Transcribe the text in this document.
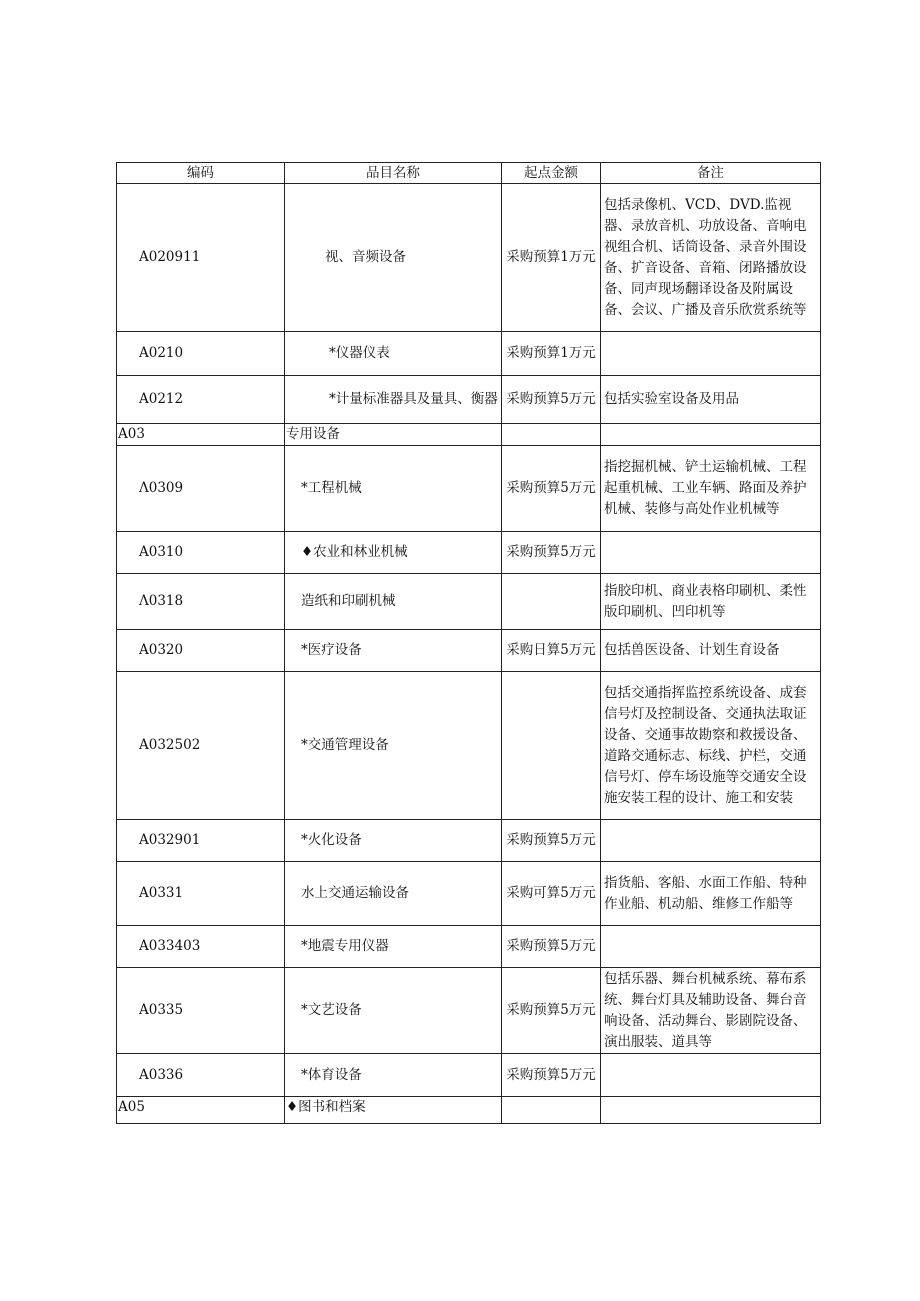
编码	品目名称	起点金额	备注
A020911	视、音频设备	采购预算1万元	包括录像机、VCD、DVD.监视器、录放音机、功放设备、音响电视组合机、话筒设备、录音外围设备、扩音设备、音箱、闭路播放设备、同声现场翻译设备及附属设备、会议、广播及音乐欣赏系统等
A0210	*仪器仪表	采购预算1万元	
A0212	*计量标准器具及量具、衡器	采购预算5万元	包括实验室设备及用品
A03	专用设备		
Λ0309	*工程机械	采购预算5万元	指挖掘机械、铲土运输机械、工程起重机械、工业车辆、路面及养护机械、装修与高处作业机械等
A0310	♦农业和林业机械	采购预算5万元	
Λ0318	造纸和印刷机械		指胶印机、商业表格印刷机、柔性版印刷机、凹印机等
A0320	*医疗设备	采购日算5万元	包括兽医设备、计划生育设备
A032502	*交通管理设备		包括交通指挥监控系统设备、成套信号灯及控制设备、交通执法取证设备、交通事故勘察和救援设备、道路交通标志、标线、护栏，交通信号灯、停车场设施等交通安全设施安装工程的设计、施工和安装
A032901	*火化设备	采购预算5万元	
A0331	水上交通运输设备	采购可算5万元	指货船、客船、水面工作船、特种作业船、机动船、维修工作船等
A033403	*地震专用仪器	采购预算5万元	
A0335	*文艺设备	采购预算5万元	包括乐器、舞台机械系统、幕布系统、舞台灯具及辅助设备、舞台音响设备、活动舞台、影剧院设备、演出服装、道具等
A0336	*体育设备	采购预算5万元	
A05	♦图书和档案		
